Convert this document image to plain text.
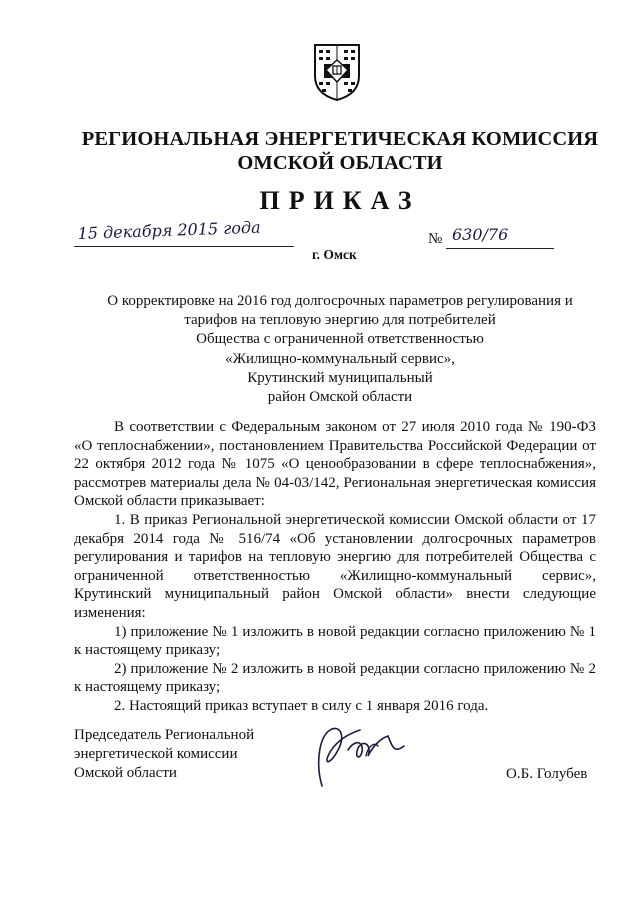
РЕГИОНАЛЬНАЯ ЭНЕРГЕТИЧЕСКАЯ КОМИССИЯ
ОМСКОЙ ОБЛАСТИ
ПРИКАЗ
15 декабря 2015 года
г. Омск
№ 630/76
О корректировке на 2016 год долгосрочных параметров регулирования и
тарифов на тепловую энергию для потребителей
Общества с ограниченной ответственностью
«Жилищно-коммунальный сервис»,
Крутинский муниципальный
район Омской области

В соответствии с Федеральным законом от 27 июля 2010 года № 190-ФЗ «О теплоснабжении», постановлением Правительства Российской Федерации от 22 октября 2012 года № 1075 «О ценообразовании в сфере теплоснабжения», рассмотрев материалы дела № 04-03/142, Региональная энергетическая комиссия Омской области приказывает:

1. В приказ Региональной энергетической комиссии Омской области от 17 декабря 2014 года № 516/74 «Об установлении долгосрочных параметров регулирования и тарифов на тепловую энергию для потребителей Общества с ограниченной ответственностью «Жилищно-коммунальный сервис», Крутинский муниципальный район Омской области» внести следующие изменения:

1) приложение № 1 изложить в новой редакции согласно приложению № 1 к настоящему приказу;

2) приложение № 2 изложить в новой редакции согласно приложению № 2 к настоящему приказу;

2. Настоящий приказ вступает в силу с 1 января 2016 года.

Председатель Региональной
энергетической комиссии
Омской области	О.Б. Голубев
